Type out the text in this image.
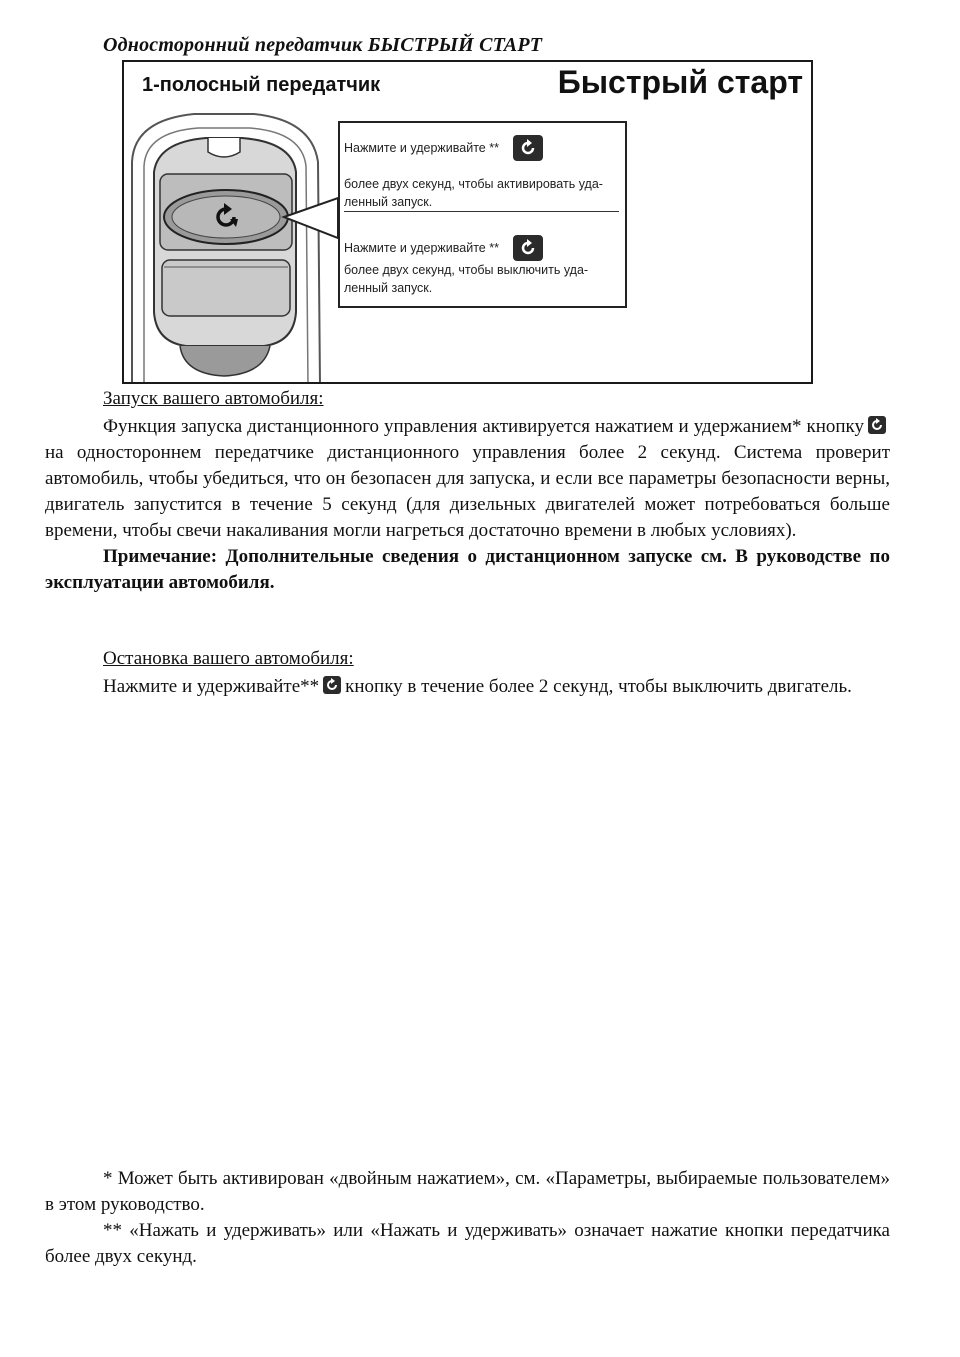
Односторонний передатчик БЫСТРЫЙ СТАРТ
1-полосный передатчик	Быстрый старт
Нажмите и удерживайте **
более двух секунд, чтобы активировать уда-
ленный запуск.
Нажмите и удерживайте **
более двух секунд, чтобы выключить уда-
ленный запуск.
Запуск вашего автомобиля:

Функция запуска дистанционного управления активируется нажатием и удержанием* кнопку
на одностороннем передатчике дистанционного управления более 2 секунд. Система проверит автомобиль, чтобы убедиться, что он безопасен для запуска, и если все параметры безопасности верны, двигатель запустится в течение 5 секунд (для дизельных двигателей может потребоваться больше времени, чтобы свечи накаливания могли нагреться достаточно времени в любых условиях).

Примечание: Дополнительные сведения о дистанционном запуске см. В руководстве по эксплуатации автомобиля.

Остановка вашего автомобиля:

Нажмите и удерживайте** кнопку в течение более 2 секунд, чтобы выключить двигатель.

* Может быть активирован «двойным нажатием», см. «Параметры, выбираемые пользователем» в этом руководство.

** «Нажать и удерживать» или «Нажать и удерживать» означает нажатие кнопки передатчика более двух секунд.
